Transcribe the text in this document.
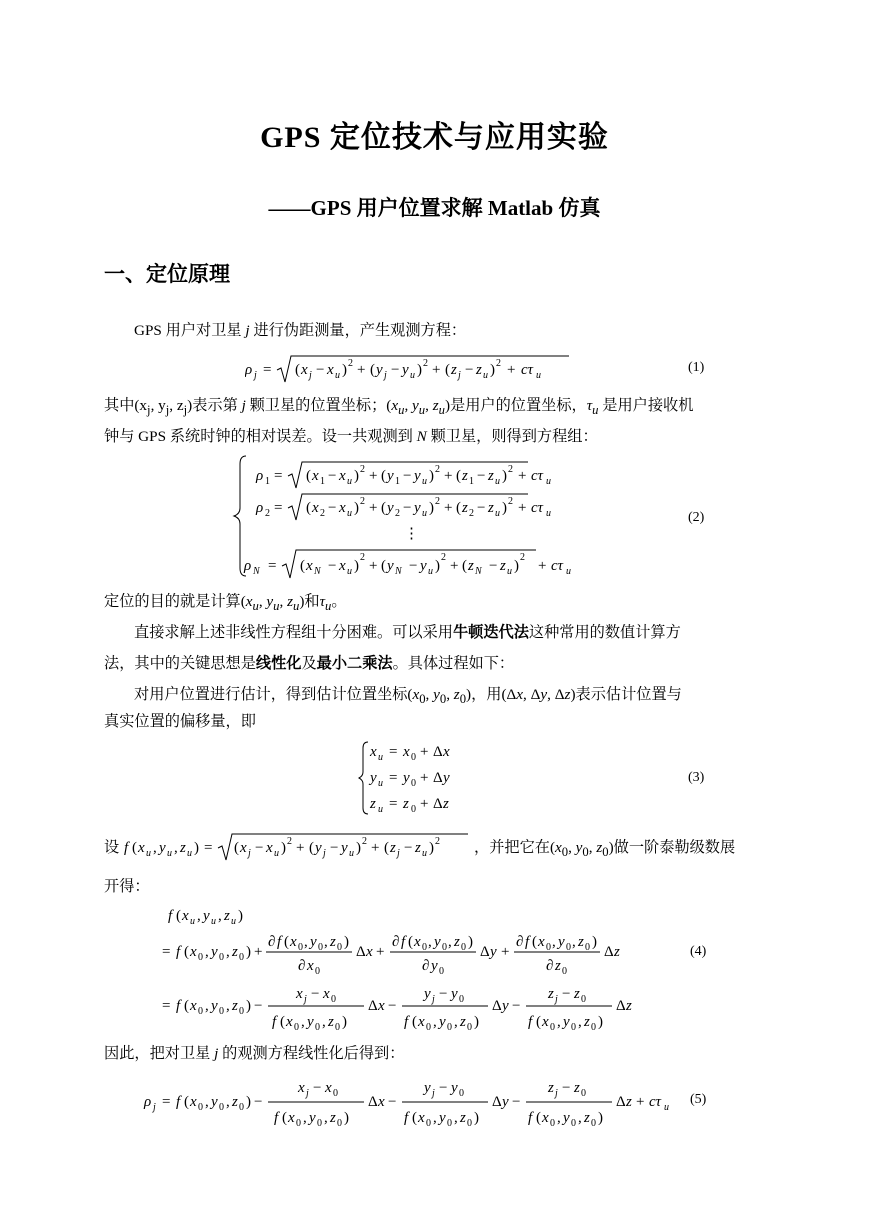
GPS 定位技术与应用实验
——GPS 用户位置求解 Matlab 仿真
一、定位原理
GPS 用户对卫星 j 进行伪距测量，产生观测方程：
ρ j = ( x j − x u ) 2 + ( y j − y u ) 2 + ( z j − z u ) 2 + cτ u
(1)
其中($x_j$, $y_j$, $z_j$)表示第 j 颗卫星的位置坐标；($x_u$, $y_u$, $z_u$)是用户的位置坐标，$\tau_u$ 是用户接收机
钟与 GPS 系统时钟的相对误差。设一共观测到 N 颗卫星，则得到方程组：
ρ 1 = ( x 1 − x u ) 2 + ( y 1 − y u ) 2 + ( z 1 − z u ) 2 + cτ u
ρ 2 = ( x 2 − x u ) 2 + ( y 2 − y u ) 2 + ( z 2 − z u ) 2 + cτ u
⋮
ρ N = ( x N − x u )
2
+ ( y N − y u )
2
+ ( z N − z u )
2
+ cτ u
(2)
定位的目的就是计算($x_u$, $y_u$, $z_u$)和$\tau_u$。
直接求解上述非线性方程组十分困难。可以采用牛顿迭代法这种常用的数值计算方
法，其中的关键思想是线性化及最小二乘法。具体过程如下：
对用户位置进行估计，得到估计位置坐标($x_0$, $y_0$, $z_0$)，用(Δx, Δy, Δz)表示估计位置与
真实位置的偏移量，即
x u = x 0 + Δ x
y u = y 0 + Δ y
z u = z 0 + Δ z
(3)
设 f ( x u , y u , z u ) = ( x j − x u ) 2 + ( y j − y u ) 2 + ( z j − z u ) 2 ，并把它在($x_0$, $y_0$, $z_0$)做一阶泰勒级数展
开得：
f ( x u , y u , z u )
= f ( x 0 , y 0 , z 0 ) +
∂ f ( x 0 , y 0 , z 0 )
∂ x 0
Δ x +
∂ f ( x 0 , y 0 , z 0 )
∂ y 0
Δ y +
∂ f ( x 0 , y 0 , z 0 )
∂ z 0
Δ z
= f ( x 0 , y 0 , z 0 ) −
x j − x 0
f ( x 0 , y 0 , z 0 )
Δ x −
y j − y 0
f ( x 0 , y 0 , z 0 )
Δ y −
z j − z 0
f ( x 0 , y 0 , z 0 )
Δ z
(4)
因此，把对卫星 j 的观测方程线性化后得到：
ρ j = f ( x 0 , y 0 , z 0 ) −
x j − x 0
f ( x 0 , y 0 , z 0 )
Δ x −
y j − y 0
f ( x 0 , y 0 , z 0 )
Δ y −
z j − z 0
f ( x 0 , y 0 , z 0 )
Δ z + cτ u
(5)
